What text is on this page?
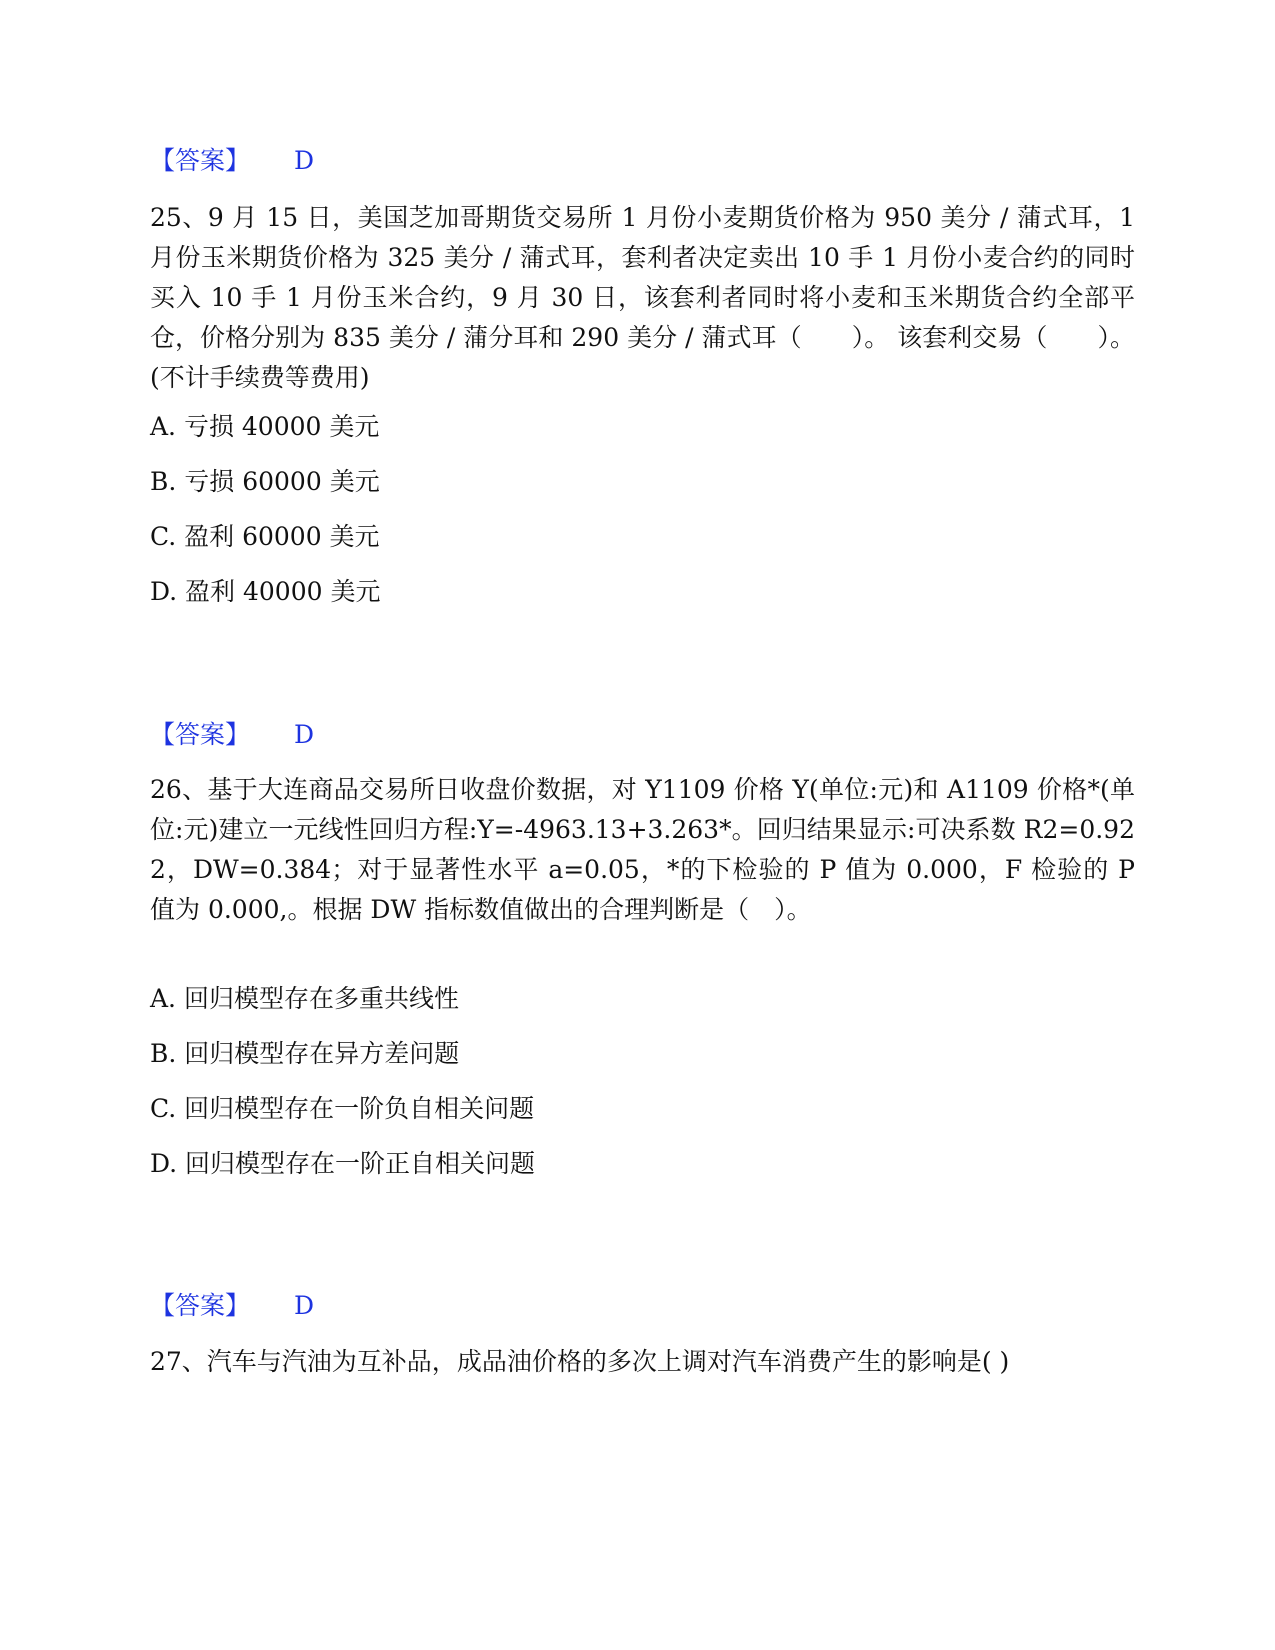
【答案】 D
25、9 月 15 日，美国芝加哥期货交易所 1 月份小麦期货价格为 950 美分 / 蒲式耳，1 月份玉米期货价格为 325 美分 / 蒲式耳，套利者决定卖出 10 手 1 月份小麦合约的同时买入 10 手 1 月份玉米合约，9 月 30 日，该套利者同时将小麦和玉米期货合约全部平仓，价格分别为 835 美分 / 蒲分耳和 290 美分 / 蒲式耳（　　）。 该套利交易（　　）。(不计手续费等费用)
A. 亏损 40000 美元
B. 亏损 60000 美元
C. 盈利 60000 美元
D. 盈利 40000 美元
【答案】 D
26、基于大连商品交易所日收盘价数据，对 Y1109 价格 Y(单位:元)和 A1109 价格*(单位:元)建立一元线性回归方程:Y=-4963.13+3.263*。回归结果显示:可决系数 R2=0.922，DW=0.384；对于显著性水平 a=0.05，*的下检验的 P 值为 0.000，F 检验的 P 值为 0.000,。根据 DW 指标数值做出的合理判断是（　）。
A. 回归模型存在多重共线性
B. 回归模型存在异方差问题
C. 回归模型存在一阶负自相关问题
D. 回归模型存在一阶正自相关问题
【答案】 D
27、汽车与汽油为互补品，成品油价格的多次上调对汽车消费产生的影响是( )
